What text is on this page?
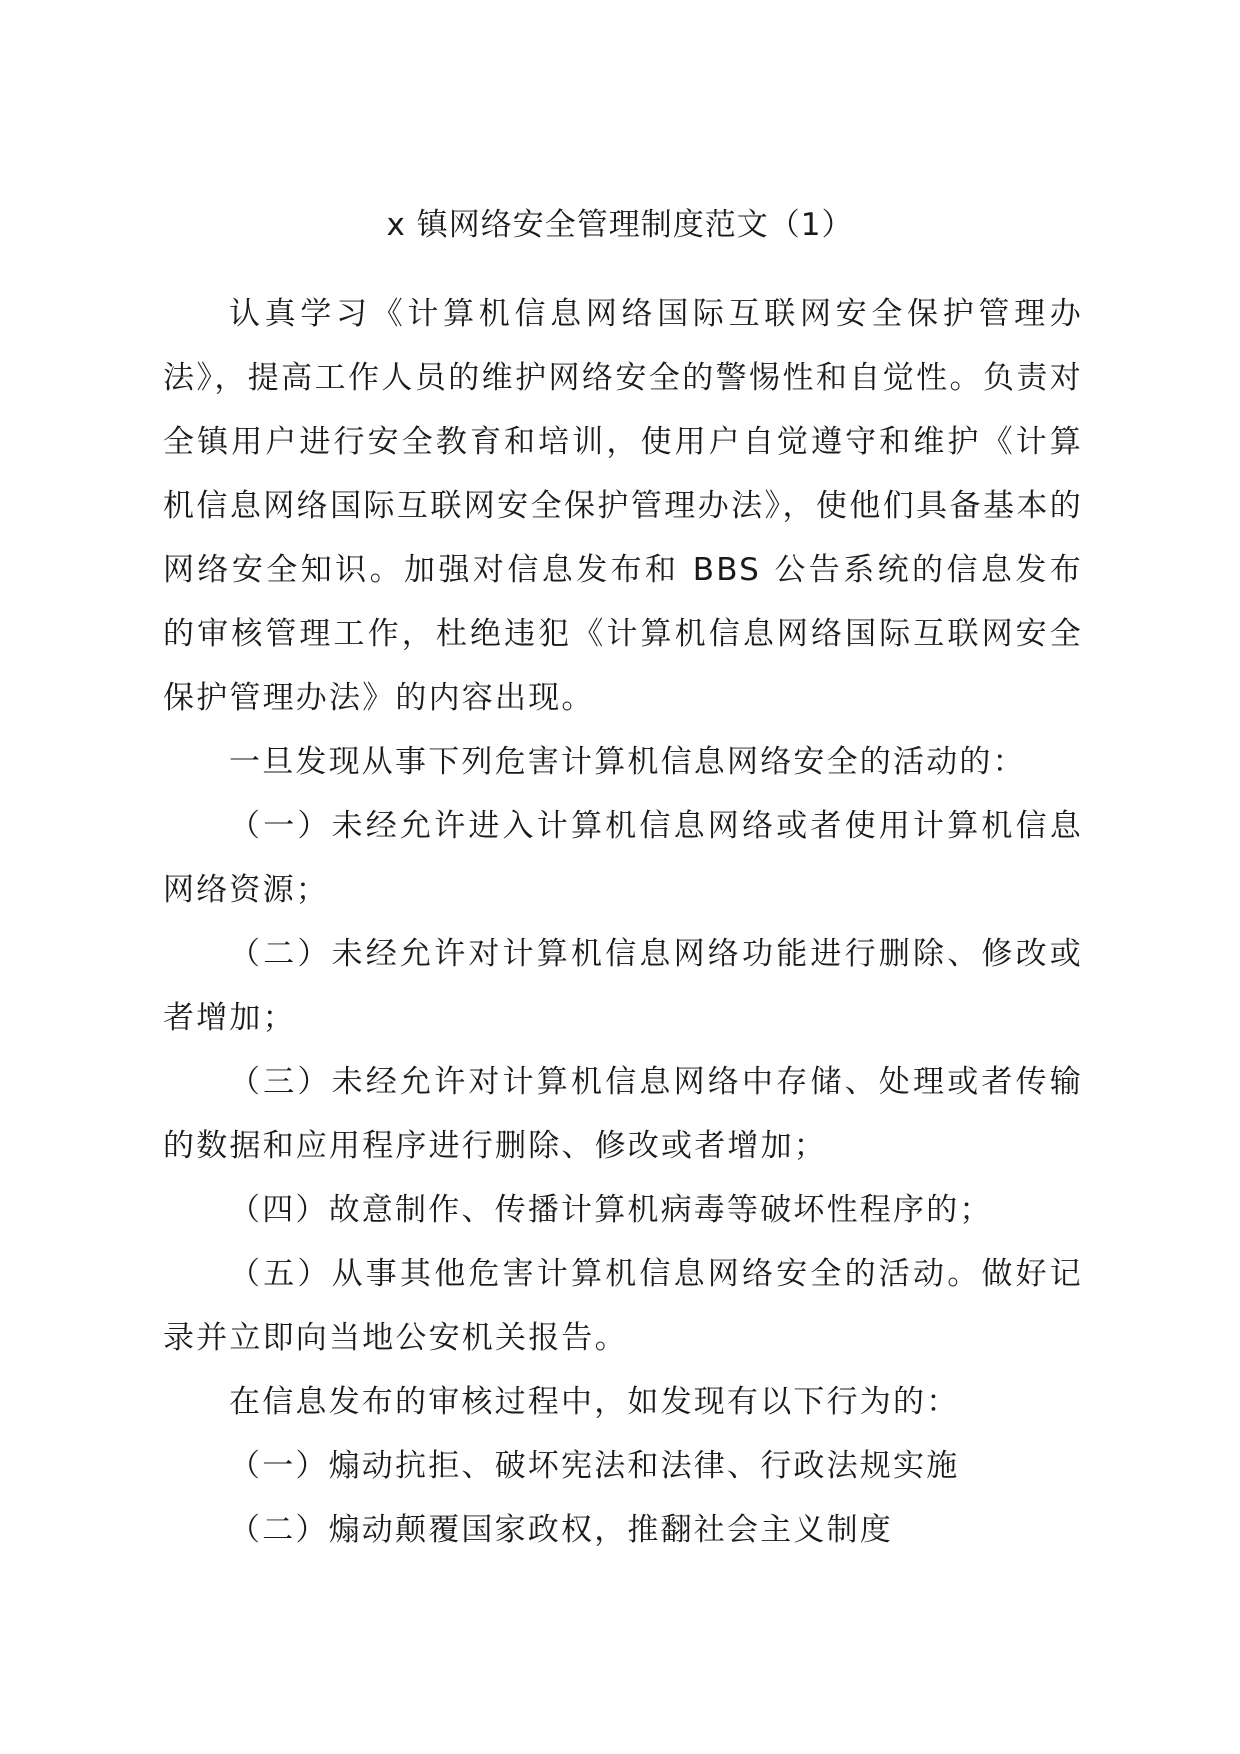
x 镇网络安全管理制度范文（1）

认真学习《计算机信息网络国际互联网安全保护管理办法》，提高工作人员的维护网络安全的警惕性和自觉性。负责对全镇用户进行安全教育和培训，使用户自觉遵守和维护《计算机信息网络国际互联网安全保护管理办法》，使他们具备基本的网络安全知识。加强对信息发布和 BBS 公告系统的信息发布的审核管理工作，杜绝违犯《计算机信息网络国际互联网安全保护管理办法》的内容出现。

一旦发现从事下列危害计算机信息网络安全的活动的：

（一）未经允许进入计算机信息网络或者使用计算机信息网络资源；

（二）未经允许对计算机信息网络功能进行删除、修改或者增加；

（三）未经允许对计算机信息网络中存储、处理或者传输的数据和应用程序进行删除、修改或者增加；

（四）故意制作、传播计算机病毒等破坏性程序的；

（五）从事其他危害计算机信息网络安全的活动。做好记录并立即向当地公安机关报告。

在信息发布的审核过程中，如发现有以下行为的：

（一）煽动抗拒、破坏宪法和法律、行政法规实施

（二）煽动颠覆国家政权，推翻社会主义制度
